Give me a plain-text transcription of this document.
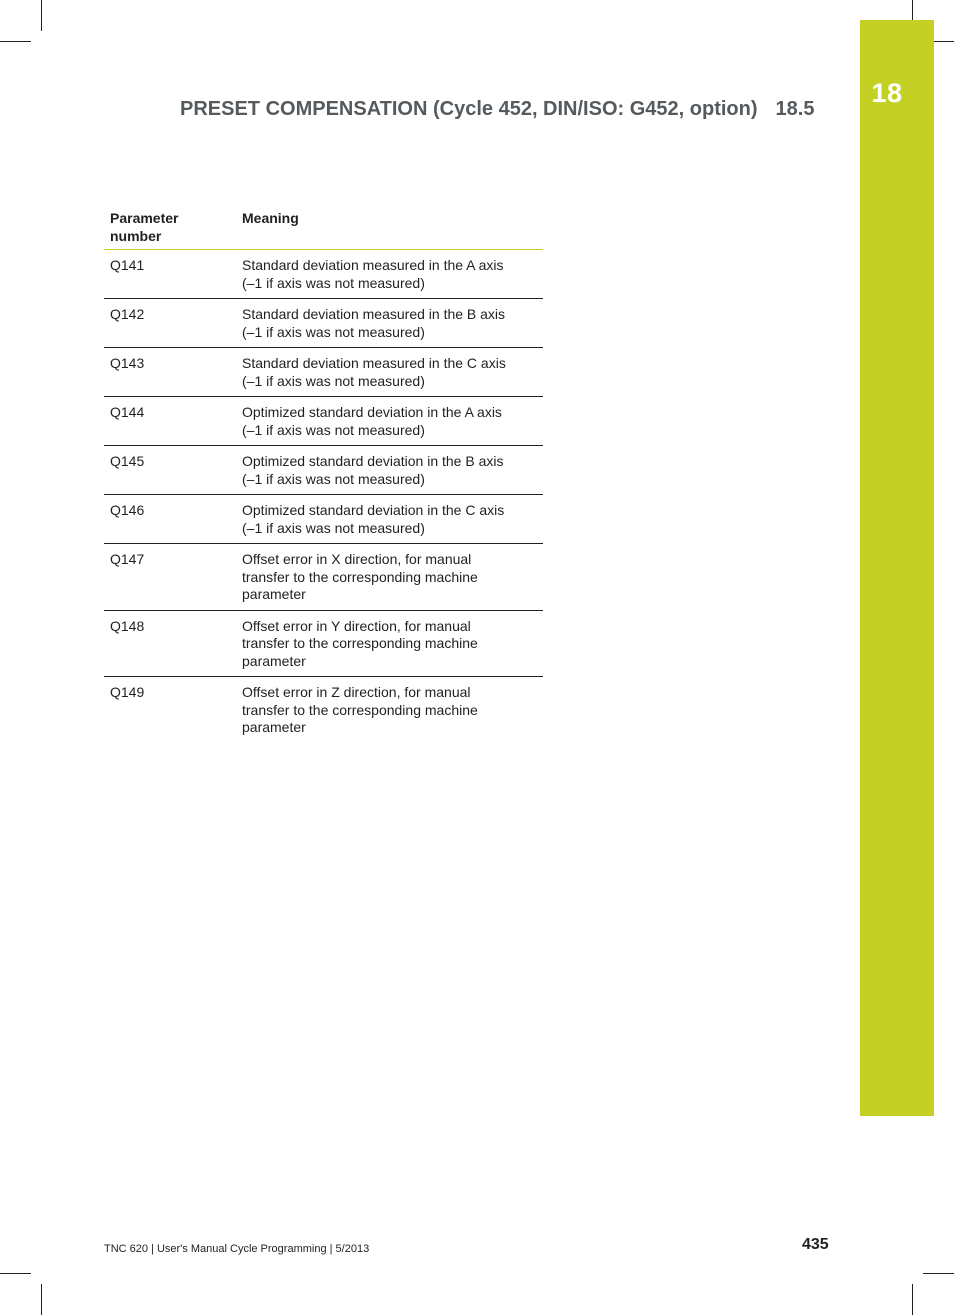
18
PRESET COMPENSATION (Cycle 452, DIN/ISO: G452, option) 18.5
Parameter
number	Meaning
Q141	Standard deviation measured in the A axis
(–1 if axis was not measured)
Q142	Standard deviation measured in the B axis
(–1 if axis was not measured)
Q143	Standard deviation measured in the C axis
(–1 if axis was not measured)
Q144	Optimized standard deviation in the A axis
(–1 if axis was not measured)
Q145	Optimized standard deviation in the B axis
(–1 if axis was not measured)
Q146	Optimized standard deviation in the C axis
(–1 if axis was not measured)
Q147	Offset error in X direction, for manual
transfer to the corresponding machine
parameter
Q148	Offset error in Y direction, for manual
transfer to the corresponding machine
parameter
Q149	Offset error in Z direction, for manual
transfer to the corresponding machine
parameter
TNC 620 | User's Manual Cycle Programming | 5/2013	435
